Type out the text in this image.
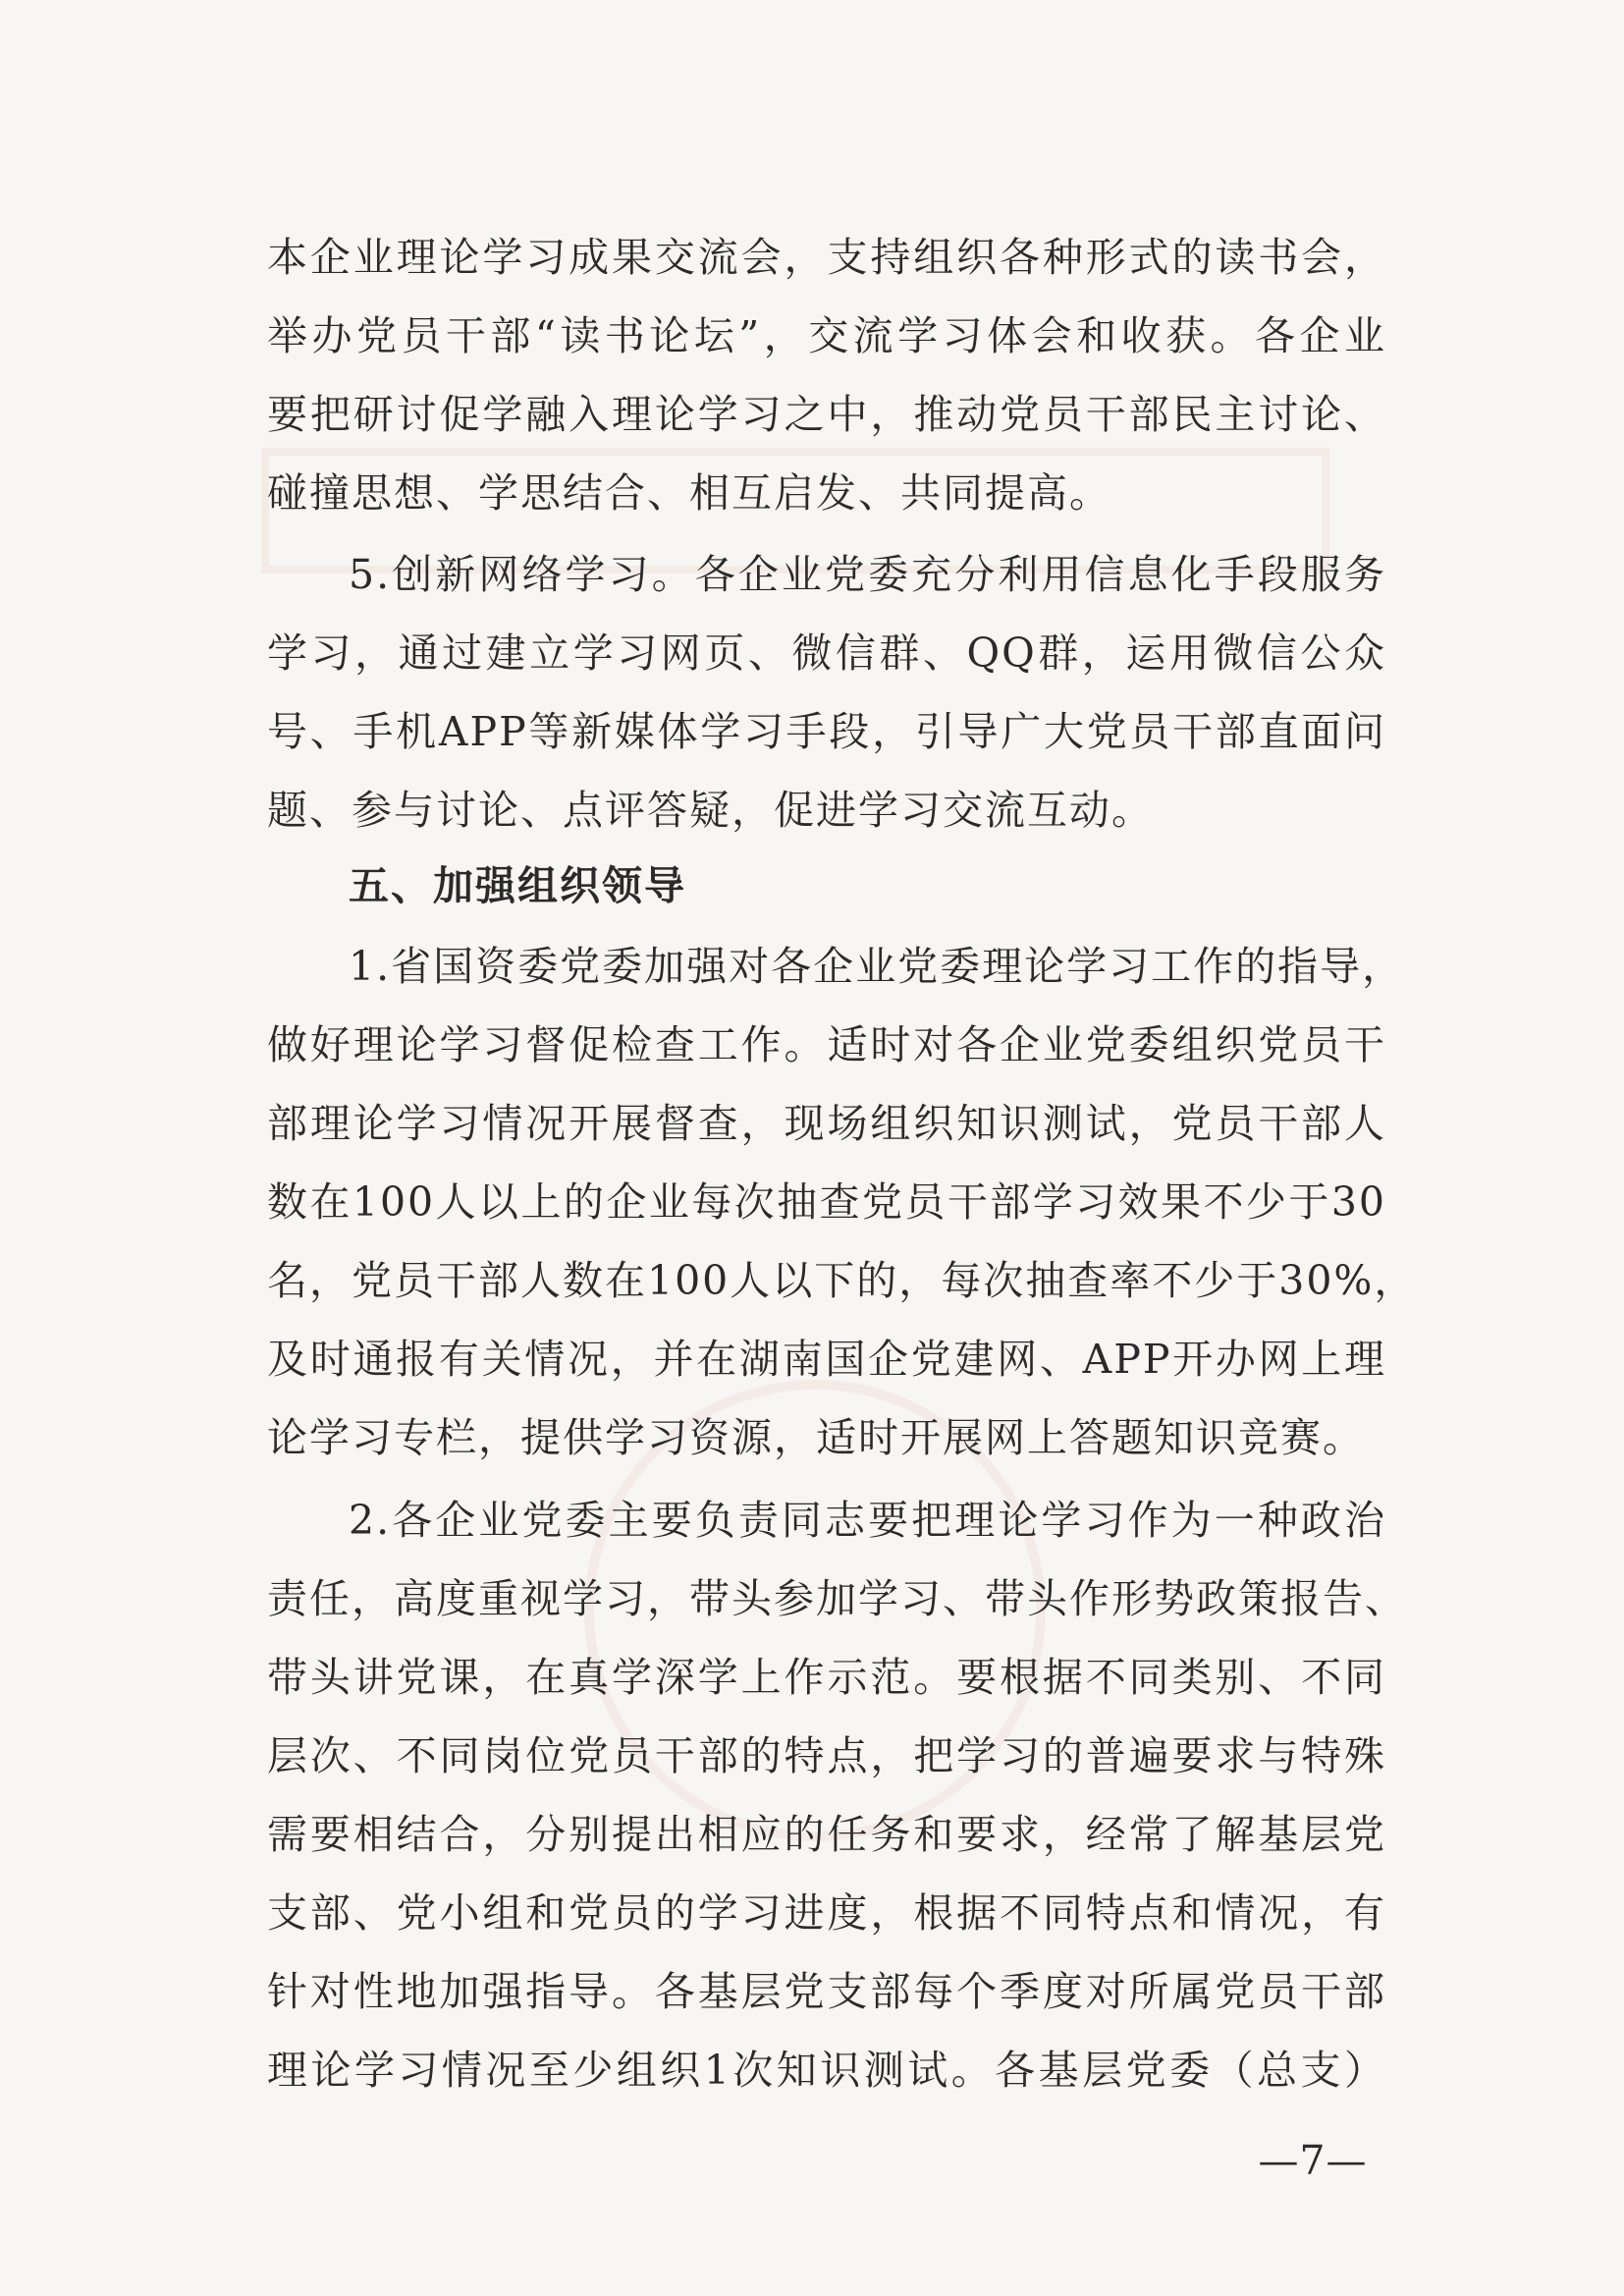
本企业理论学习成果交流会，支持组织各种形式的读书会，
举办党员干部“读书论坛”，交流学习体会和收获。各企业
要把研讨促学融入理论学习之中，推动党员干部民主讨论、
碰撞思想、学思结合、相互启发、共同提高。
5.创新网络学习。各企业党委充分利用信息化手段服务
学习，通过建立学习网页、微信群、QQ群，运用微信公众
号、手机APP等新媒体学习手段，引导广大党员干部直面问
题、参与讨论、点评答疑，促进学习交流互动。
五、加强组织领导
1.省国资委党委加强对各企业党委理论学习工作的指导，
做好理论学习督促检查工作。适时对各企业党委组织党员干
部理论学习情况开展督查，现场组织知识测试，党员干部人
数在100人以上的企业每次抽查党员干部学习效果不少于30
名，党员干部人数在100人以下的，每次抽查率不少于30%，
及时通报有关情况，并在湖南国企党建网、APP开办网上理
论学习专栏，提供学习资源，适时开展网上答题知识竞赛。
2.各企业党委主要负责同志要把理论学习作为一种政治
责任，高度重视学习，带头参加学习、带头作形势政策报告、
带头讲党课，在真学深学上作示范。要根据不同类别、不同
层次、不同岗位党员干部的特点，把学习的普遍要求与特殊
需要相结合，分别提出相应的任务和要求，经常了解基层党
支部、党小组和党员的学习进度，根据不同特点和情况，有
针对性地加强指导。各基层党支部每个季度对所属党员干部
理论学习情况至少组织1次知识测试。各基层党委（总支）
—7—
